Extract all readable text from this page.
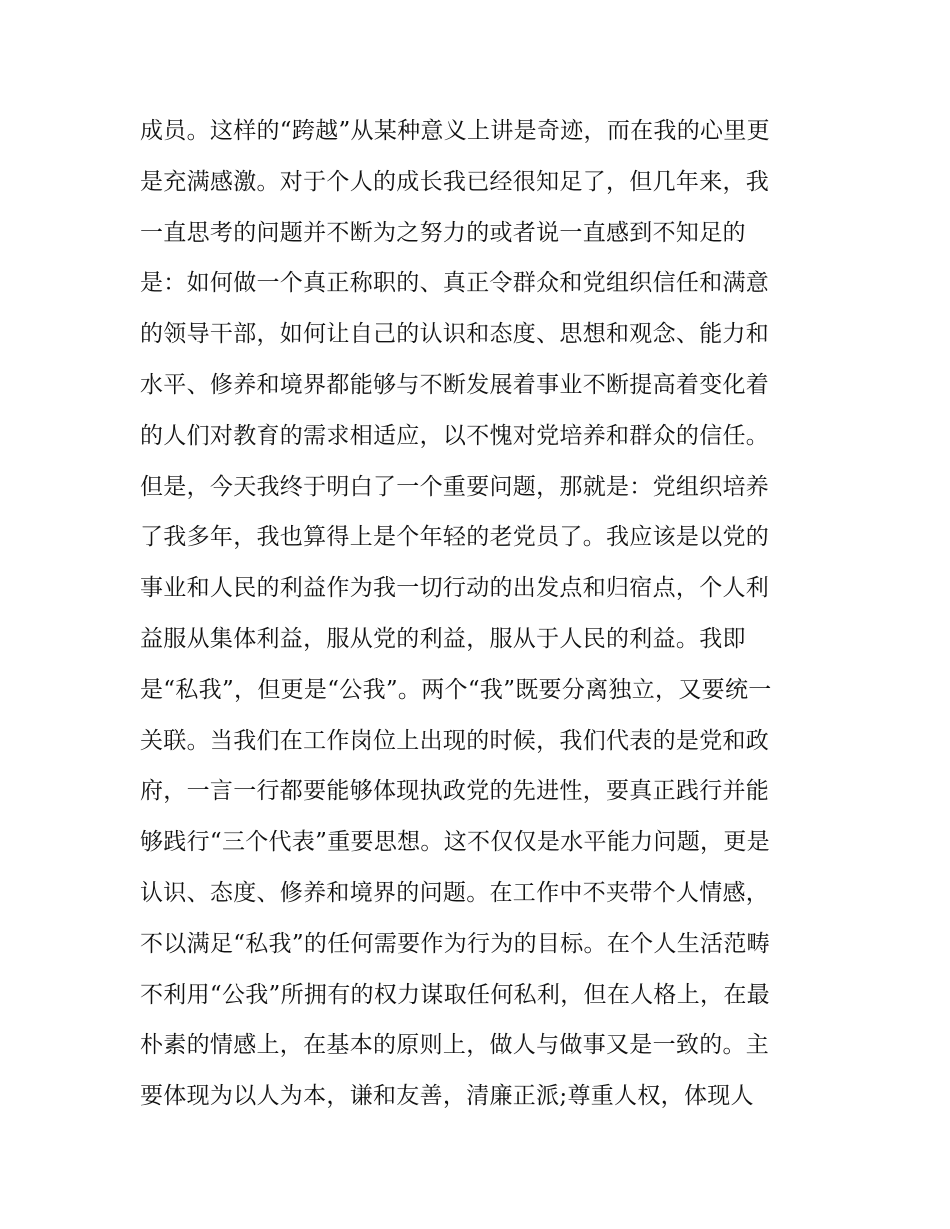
成员。这样的“跨越”从某种意义上讲是奇迹，而在我的心里更
是充满感激。对于个人的成长我已经很知足了，但几年来，我
一直思考的问题并不断为之努力的或者说一直感到不知足的
是：如何做一个真正称职的、真正令群众和党组织信任和满意
的领导干部，如何让自己的认识和态度、思想和观念、能力和
水平、修养和境界都能够与不断发展着事业不断提高着变化着
的人们对教育的需求相适应，以不愧对党培养和群众的信任。
但是，今天我终于明白了一个重要问题，那就是：党组织培养
了我多年，我也算得上是个年轻的老党员了。我应该是以党的
事业和人民的利益作为我一切行动的出发点和归宿点，个人利
益服从集体利益，服从党的利益，服从于人民的利益。我即
是“私我”，但更是“公我”。两个“我”既要分离独立，又要统一
关联。当我们在工作岗位上出现的时候，我们代表的是党和政
府，一言一行都要能够体现执政党的先进性，要真正践行并能
够践行“三个代表”重要思想。这不仅仅是水平能力问题，更是
认识、态度、修养和境界的问题。在工作中不夹带个人情感，
不以满足“私我”的任何需要作为行为的目标。在个人生活范畴
不利用“公我”所拥有的权力谋取任何私利，但在人格上，在最
朴素的情感上，在基本的原则上，做人与做事又是一致的。主
要体现为以人为本，谦和友善，清廉正派;尊重人权，体现人
